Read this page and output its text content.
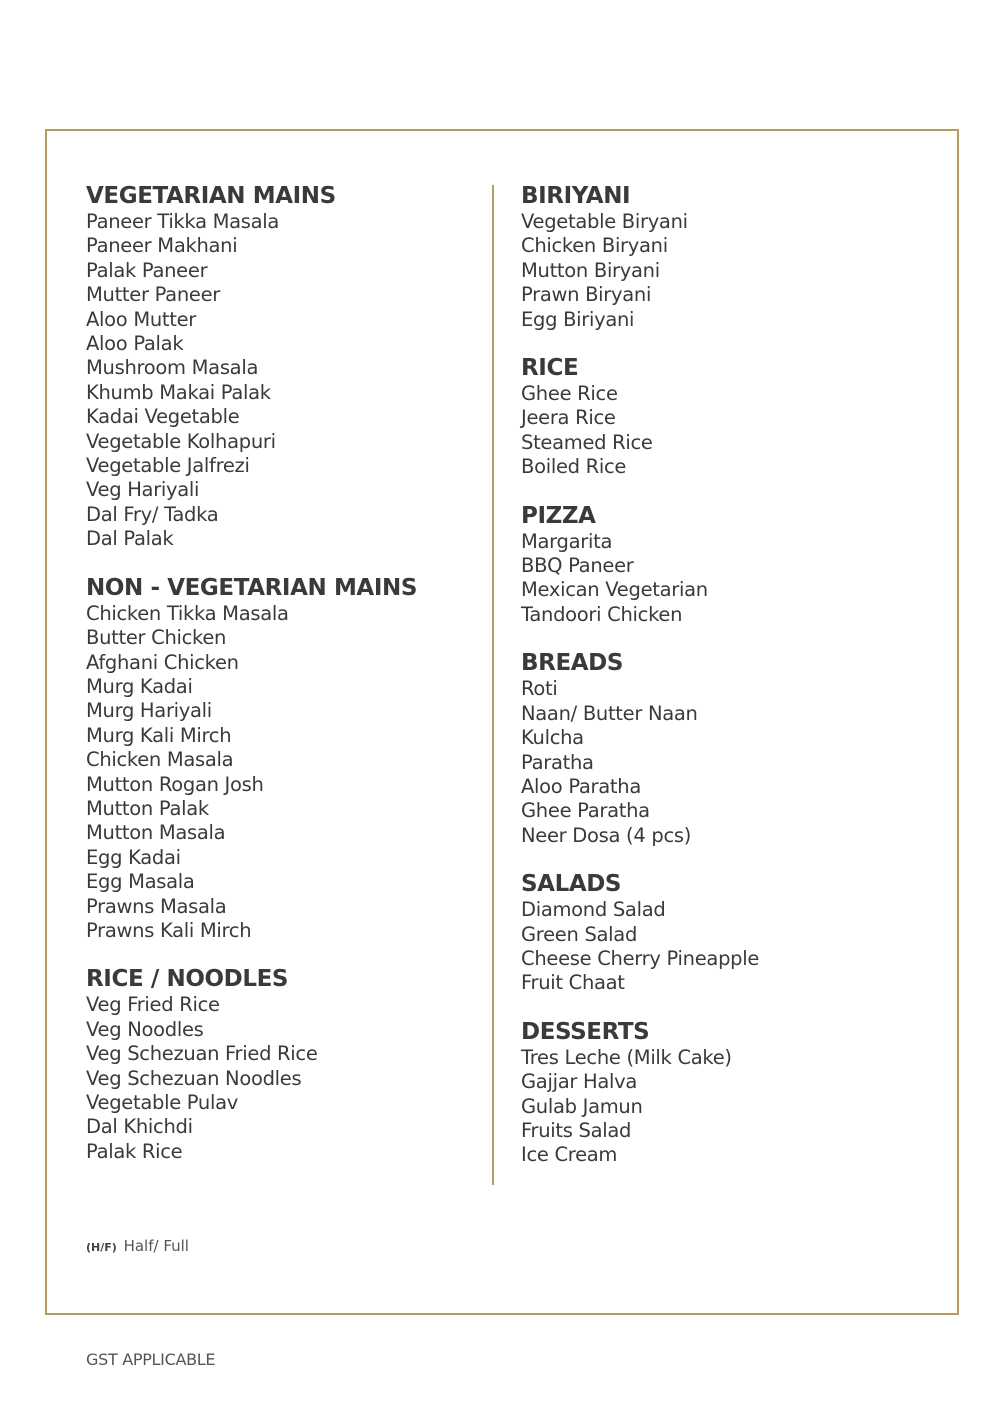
VEGETARIAN MAINS
Paneer Tikka Masala
Paneer Makhani
Palak Paneer
Mutter Paneer
Aloo Mutter
Aloo Palak
Mushroom Masala
Khumb Makai Palak
Kadai Vegetable
Vegetable Kolhapuri
Vegetable Jalfrezi
Veg Hariyali
Dal Fry/ Tadka
Dal Palak
NON - VEGETARIAN MAINS
Chicken Tikka Masala
Butter Chicken
Afghani Chicken
Murg Kadai
Murg Hariyali
Murg Kali Mirch
Chicken Masala
Mutton Rogan Josh
Mutton Palak
Mutton Masala
Egg Kadai
Egg Masala
Prawns Masala
Prawns Kali Mirch
RICE / NOODLES
Veg Fried Rice
Veg Noodles
Veg Schezuan Fried Rice
Veg Schezuan Noodles
Vegetable Pulav
Dal Khichdi
Palak Rice
BIRIYANI
Vegetable Biryani
Chicken Biryani
Mutton Biryani
Prawn Biryani
Egg Biriyani
RICE
Ghee Rice
Jeera Rice
Steamed Rice
Boiled Rice
PIZZA
Margarita
BBQ Paneer
Mexican Vegetarian
Tandoori Chicken
BREADS
Roti
Naan/ Butter Naan
Kulcha
Paratha
Aloo Paratha
Ghee Paratha
Neer Dosa (4 pcs)
SALADS
Diamond Salad
Green Salad
Cheese Cherry Pineapple
Fruit Chaat
DESSERTS
Tres Leche (Milk Cake)
Gajjar Halva
Gulab Jamun
Fruits Salad
Ice Cream
(H/F) Half/ Full
GST APPLICABLE
